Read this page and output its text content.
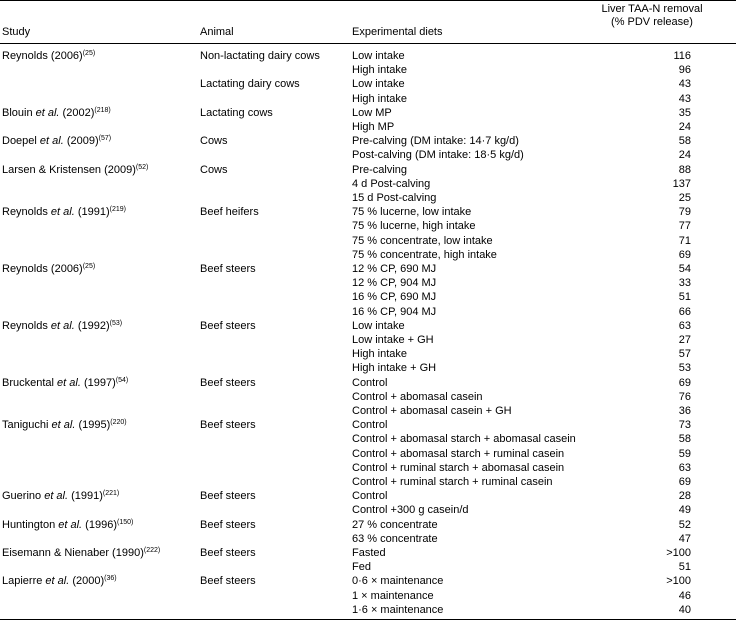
Study	Animal	Experimental diets
Liver TAA-N removal
(% PDV release)
Reynolds $(2006)^{(25)}$	Non-lactating dairy cows	Low intake	116
High intake	96
Lactating dairy cows	Low intake	43
High intake	43
Blouin et al. $(2002)^{(218)}$	Lactating cows	Low MP	35
High MP	24
Doepel et al. $(2009)^{(57)}$	Cows	Pre-calving (DM intake: 14·7 kg/d)	58
Post-calving (DM intake: 18·5 kg/d)	24
Larsen & Kristensen $(2009)^{(52)}$	Cows	Pre-calving	88
4 d Post-calving	137
15 d Post-calving	25
Reynolds et al. $(1991)^{(219)}$	Beef heifers	75 % lucerne, low intake	79
75 % lucerne, high intake	77
75 % concentrate, low intake	71
75 % concentrate, high intake	69
Reynolds $(2006)^{(25)}$	Beef steers	12 % CP, 690 MJ	54
12 % CP, 904 MJ	33
16 % CP, 690 MJ	51
16 % CP, 904 MJ	66
Reynolds et al. $(1992)^{(53)}$	Beef steers	Low intake	63
Low intake + GH	27
High intake	57
High intake + GH	53
Bruckental et al. $(1997)^{(54)}$	Beef steers	Control	69
Control + abomasal casein	76
Control + abomasal casein + GH	36
Taniguchi et al. $(1995)^{(220)}$	Beef steers	Control	73
Control + abomasal starch + abomasal casein	58
Control + abomasal starch + ruminal casein	59
Control + ruminal starch + abomasal casein	63
Control + ruminal starch + ruminal casein	69
Guerino et al. $(1991)^{(221)}$	Beef steers	Control	28
Control +300 g casein/d	49
Huntington et al. $(1996)^{(150)}$	Beef steers	27 % concentrate	52
63 % concentrate	47
Eisemann & Nienaber $(1990)^{(222)}$	Beef steers	Fasted	>100
Fed	51
Lapierre et al. $(2000)^{(36)}$	Beef steers	0·6 × maintenance	>100
1 × maintenance	46
1·6 × maintenance	40
